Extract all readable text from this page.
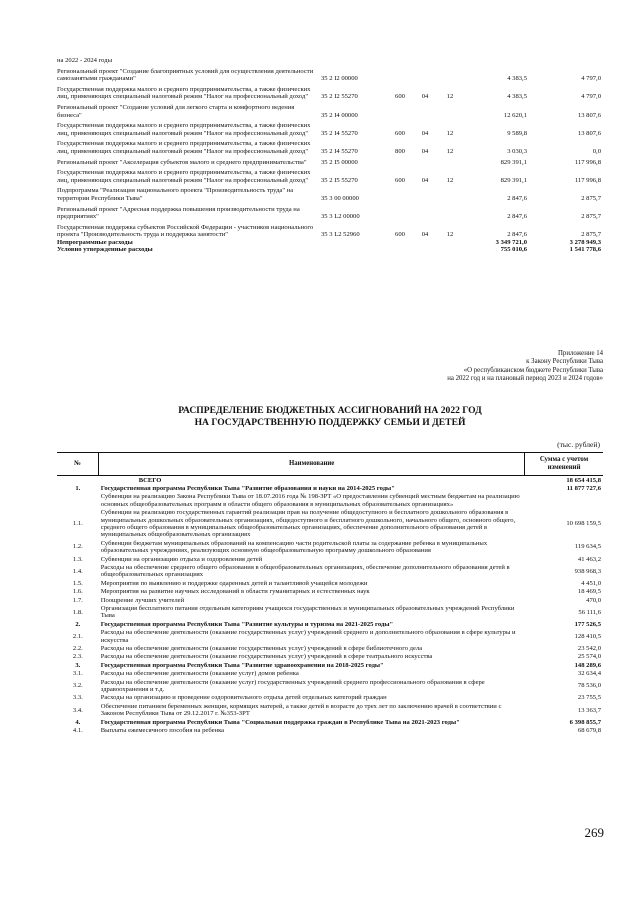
на 2022 - 2024 годы
Региональный проект "Создание благоприятных условий для осуществления деятельности самозанятыми гражданами"	35 2 I2 00000	4 383,5	4 797,0
Государственная поддержка малого и среднего предпринимательства, а также физических лиц, применяющих специальный налоговый режим "Налог на профессиональный доход"	35 2 I2 55270	600	04	12	4 383,5	4 797,0
Региональный проект "Создание условий для легкого старта и комфортного ведения бизнеса"	35 2 I4 00000	12 620,1	13 807,6
Государственная поддержка малого и среднего предпринимательства, а также физических лиц, применяющих специальный налоговый режим "Налог на профессиональный доход"	35 2 I4 55270	600	04	12	9 589,8	13 807,6
Государственная поддержка малого и среднего предпринимательства, а также физических лиц, применяющих специальный налоговый режим "Налог на профессиональный доход"	35 2 I4 55270	800	04	12	3 030,3	0,0
Региональный проект "Акселерация субъектов малого и среднего предпринимательства"	35 2 I5 00000	829 391,1	117 996,8
Государственная поддержка малого и среднего предпринимательства, а также физических лиц, применяющих специальный налоговый режим "Налог на профессиональный доход"	35 2 I5 55270	600	04	12	829 391,1	117 996,8
Подпрограмма "Реализация национального проекта "Производительность труда" на территории Республики Тыва"	35 3 00 00000	2 847,6	2 875,7
Региональный проект "Адресная поддержка повышения производительности труда на предприятиях"	35 3 L2 00000	2 847,6	2 875,7
Государственная поддержка субъектов Российской Федерации - участников национального проекта "Производительность труда и поддержка занятости"	35 3 L2 52960	600	04	12	2 847,6	2 875,7
Непрограммные расходы	3 349 721,0	3 278 949,3
Условно утвержденные расходы	755 010,6	1 541 778,6
Приложение 14
к Закону Республики Тыва
«О республиканском бюджете Республики Тыва
на 2022 год и на плановый период 2023 и 2024 годов»
РАСПРЕДЕЛЕНИЕ БЮДЖЕТНЫХ АССИГНОВАНИЙ НА 2022 ГОД
НА ГОСУДАРСТВЕННУЮ ПОДДЕРЖКУ СЕМЬИ И ДЕТЕЙ
(тыс. рублей)
№	Наименование	Сумма с учетом изменений
	ВСЕГО	18 654 415,8
1.	Государственная программа Республики Тыва "Развитие образования и науки на 2014-2025 годы"	11 877 727,6
	Субвенции на реализацию Закона Республики Тыва от 18.07.2016 года № 198-ЗРТ «О предоставлении субвенций местным бюджетам на реализацию основных общеобразовательных программ в области общего образования в муниципальных образовательных организациях»	
1.1.	Субвенции на реализацию государственных гарантий реализации прав на получение общедоступного и бесплатного дошкольного образования в муниципальных дошкольных образовательных организациях, общедоступного и бесплатного дошкольного, начального общего, основного общего, среднего общего образования в муниципальных общеобразовательных организациях, обеспечение дополнительного образования детей в муниципальных общеобразовательных организациях	10 698 159,5
1.2.	Субвенции бюджетам муниципальных образований на компенсацию части родительской платы за содержание ребенка в муниципальных образовательных учреждениях, реализующих основную общеобразовательную программу дошкольного образования	119 634,5
1.3.	Субвенции на организацию отдыха и оздоровления детей	41 463,2
1.4.	Расходы на обеспечение среднего общего образования в общеобразовательных организациях, обеспечение дополнительного образования детей в общеобразовательных организациях	938 968,3
1.5.	Мероприятия по выявлению и поддержке одаренных детей и талантливой учащейся молодежи	4 451,0
1.6.	Мероприятия на развитие научных исследований в области гуманитарных и естественных наук	18 469,5
1.7.	Поощрение лучших учителей	470,0
1.8.	Организация бесплатного питания отдельным категориям учащихся государственных и муниципальных образовательных учреждений Республики Тыва	56 111,6
2.	Государственная программа Республики Тыва "Развитие культуры и туризма на 2021-2025 годы"	177 526,5
2.1.	Расходы на обеспечение деятельности (оказание государственных услуг) учреждений среднего и дополнительного образования в сфере культуры и искусства	128 410,5
2.2.	Расходы на обеспечение деятельности (оказание государственных услуг) учреждений в сфере библиотечного дела	23 542,0
2.3.	Расходы на обеспечение деятельности (оказание государственных услуг) учреждений в сфере театрального искусства	25 574,0
3.	Государственная программа Республики Тыва "Развитие здравоохранения на 2018-2025 годы"	148 289,6
3.1.	Расходы на обеспечение деятельности (оказание услуг) домов ребенка	32 634,4
3.2.	Расходы на обеспечение деятельности (оказание услуг) государственных учреждений среднего профессионального образования в сфере здравоохранения и т.д.	78 536,0
3.3.	Расходы на организацию и проведение оздоровительного отдыха детей отдельных категорий граждан	23 755,5
3.4.	Обеспечение питанием беременных женщин, кормящих матерей, а также детей в возрасте до трех лет по заключению врачей в соответствии с Законом Республики Тыва от 29.12.2017 г. №353-ЗРТ	13 363,7
4.	Государственная программа Республики Тыва "Социальная поддержка граждан в Республике Тыва на 2021-2023 годы"	6 398 855,7
4.1.	Выплаты ежемесячного пособия на ребенка	68 679,8
269
